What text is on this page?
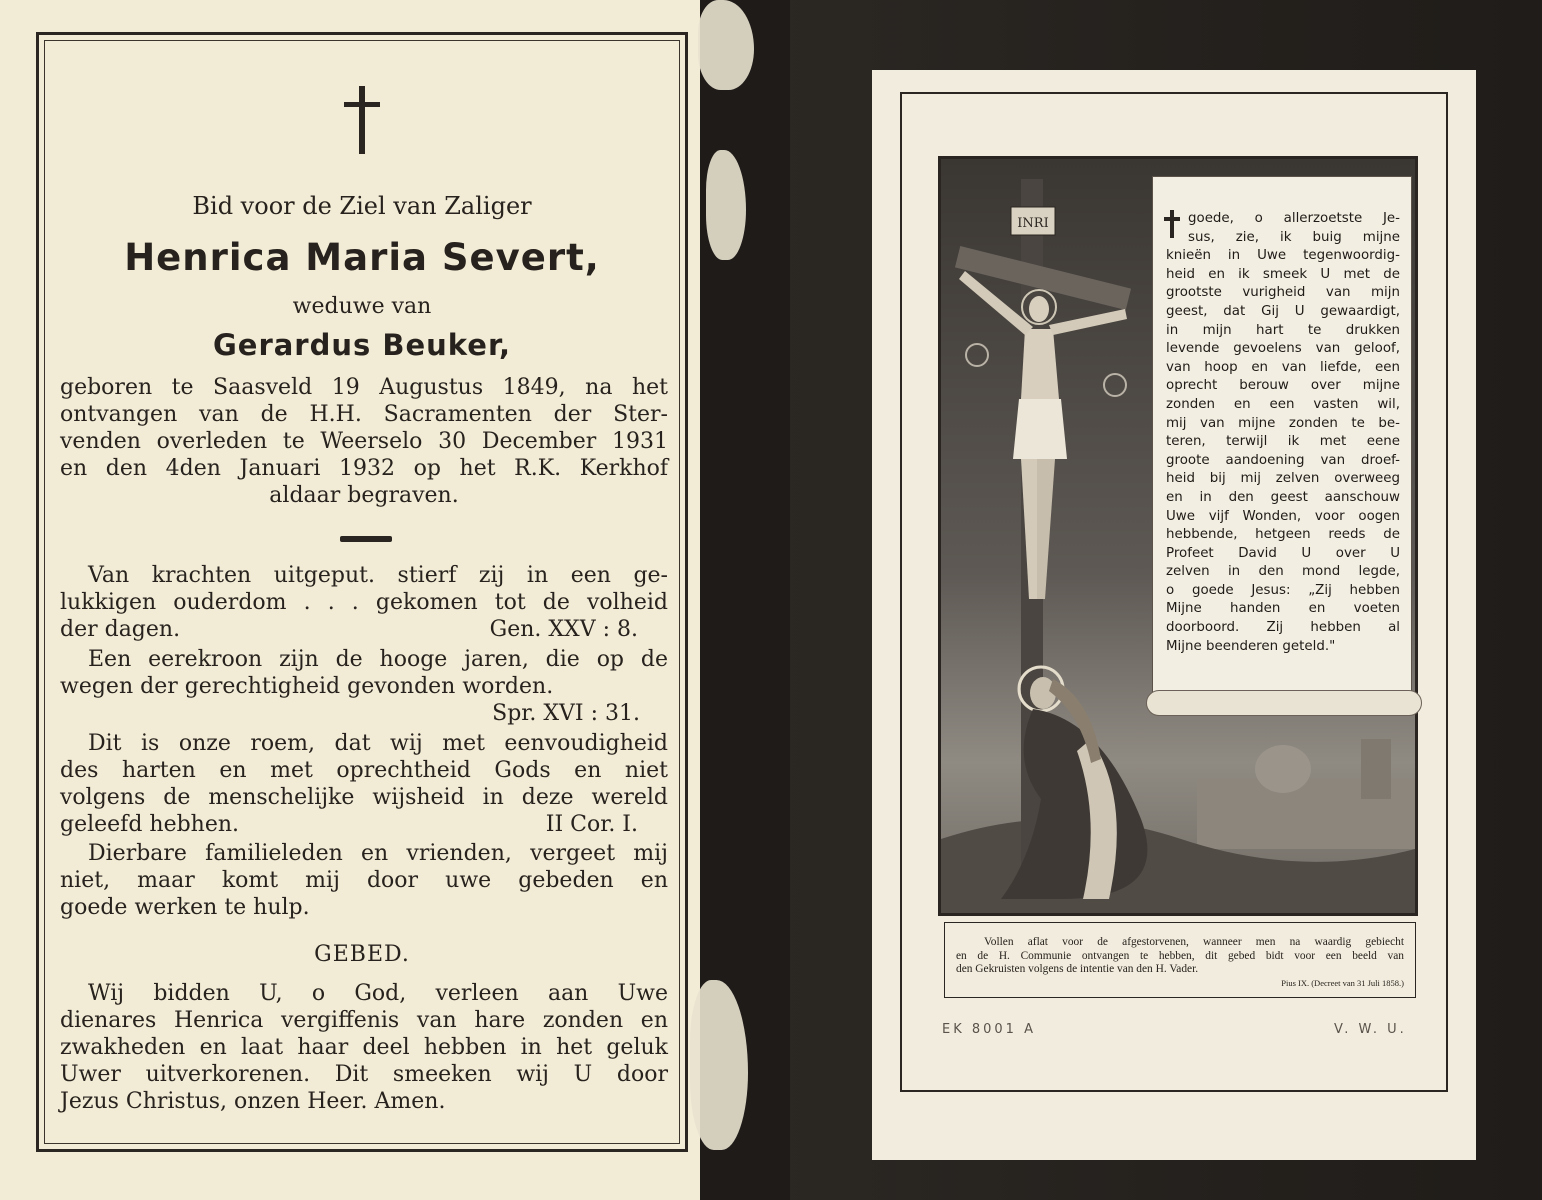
Bid voor de Ziel van Zaliger
Henrica Maria Severt,
weduwe van
Gerardus Beuker,
geboren te Saasveld 19 Augustus 1849, na het
ontvangen van de H.H. Sacramenten der Ster-
venden overleden te Weerselo 30 December 1931
en den 4den Januari 1932 op het R.K. Kerkhof
aldaar begraven.
Van krachten uitgeput. stierf zij in een ge-
lukkigen ouderdom . . . gekomen tot de volheid
der dagen.	Gen. XXV : 8.
Een eerekroon zijn de hooge jaren, die op de
wegen der gerechtigheid gevonden worden.
Spr. XVI : 31.
Dit is onze roem, dat wij met eenvoudigheid
des harten en met oprechtheid Gods en niet
volgens de menschelijke wijsheid in deze wereld
geleefd hebhen.	II Cor. I.
Dierbare familieleden en vrienden, vergeet mij
niet, maar komt mij door uwe gebeden en
goede werken te hulp.
GEBED.
Wij bidden U, o God, verleen aan Uwe
dienares Henrica vergiffenis van hare zonden en
zwakheden en laat haar deel hebben in het geluk
Uwer uitverkorenen. Dit smeeken wij U door
Jezus Christus, onzen Heer. Amen.
INRI	goede, o allerzoetste Je-
sus, zie, ik buig mijne
knieën in Uwe tegenwoordig-
heid en ik smeek U met de
grootste vurigheid van mijn
geest, dat Gij U gewaardigt,
in mijn hart te drukken
levende gevoelens van geloof,
van hoop en van liefde, een
oprecht berouw over mijne
zonden en een vasten wil,
mij van mijne zonden te be-
teren, terwijl ik met eene
groote aandoening van droef-
heid bij mij zelven overweeg
en in den geest aanschouw
Uwe vijf Wonden, voor oogen
hebbende, hetgeen reeds de
Profeet David U over U
zelven in den mond legde,
o goede Jesus: „Zij hebben
Mijne handen en voeten
doorboord. Zij hebben al
Mijne beenderen geteld."
Vollen aflat voor de afgestorvenen, wanneer men na waardig gebiecht
en de H. Communie ontvangen te hebben, dit gebed bidt voor een beeld van
den Gekruisten volgens de intentie van den H. Vader.
Pius IX. (Decreet van 31 Juli 1858.)
EK 8001 A	V. W. U.
